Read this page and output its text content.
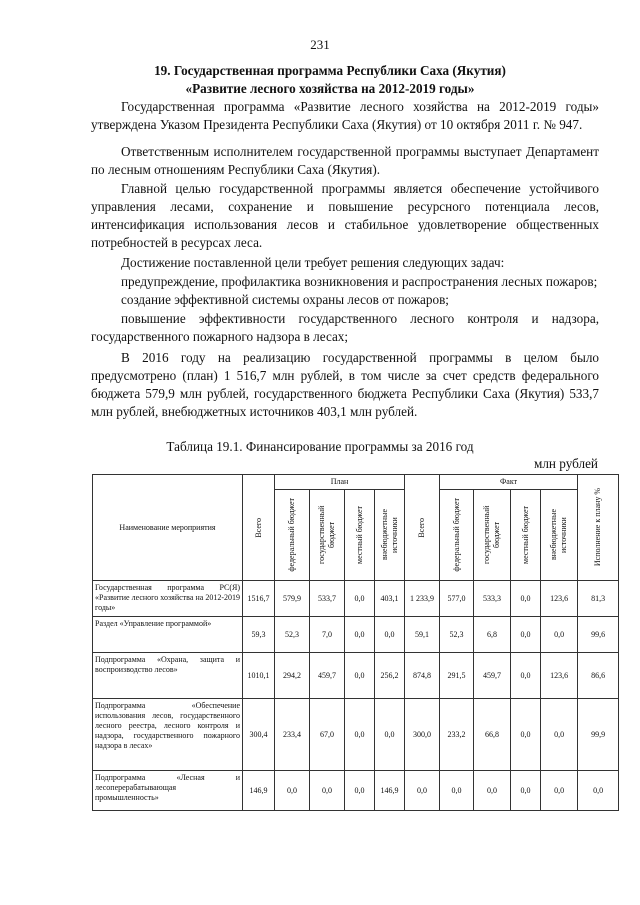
231
19. Государственная программа Республики Саха (Якутия)
«Развитие лесного хозяйства на 2012-2019 годы»
Государственная программа «Развитие лесного хозяйства на 2012-2019 годы» утверждена Указом Президента Республики Саха (Якутия) от 10 октября 2011 г. № 947.
Ответственным исполнителем государственной программы выступает Департамент по лесным отношениям Республики Саха (Якутия).
Главной целью государственной программы является обеспечение устойчивого управления лесами, сохранение и повышение ресурсного потенциала лесов, интенсификация использования лесов и стабильное удовлетворение общественных потребностей в ресурсах леса.
Достижение поставленной цели требует решения следующих задач:
предупреждение, профилактика возникновения и распространения лесных пожаров;
создание эффективной системы охраны лесов от пожаров;
повышение эффективности государственного лесного контроля и надзора, государственного пожарного надзора в лесах;
В 2016 году на реализацию государственной программы в целом было предусмотрено (план) 1 516,7 млн рублей, в том числе за счет средств федерального бюджета 579,9 млн рублей, государственного бюджета Республики Саха (Якутия) 533,7 млн рублей, внебюджетных источников 403,1 млн рублей.
Таблица 19.1. Финансирование программы за 2016 год
млн рублей
Наименование мероприятия	Всего	План				Всего	Факт				Исполнение к плану %

		федеральный бюджет	государственный бюджет	местный бюджет	внебюджетные источники		федеральный бюджет	государственный бюджет	местный бюджет	внебюджетные источники	

Государственная программа РС(Я) «Развитие лесного хозяйства на 2012-2019 годы»	1516,7	579,9	533,7	0,0	403,1	1 233,9	577,0	533,3	0,0	123,6	81,3
Раздел «Управление программой»	59,3	52,3	7,0	0,0	0,0	59,1	52,3	6,8	0,0	0,0	99,6
Подпрограмма «Охрана, защита и воспроизводство лесов»	1010,1	294,2	459,7	0,0	256,2	874,8	291,5	459,7	0,0	123,6	86,6
Подпрограмма «Обеспечение использования лесов, государственного лесного реестра, лесного контроля и надзора, государственного пожарного надзора в лесах»	300,4	233,4	67,0	0,0	0,0	300,0	233,2	66,8	0,0	0,0	99,9
Подпрограмма «Лесная и лесоперерабатывающая промышленность»	146,9	0,0	0,0	0,0	146,9	0,0	0,0	0,0	0,0	0,0	0,0
